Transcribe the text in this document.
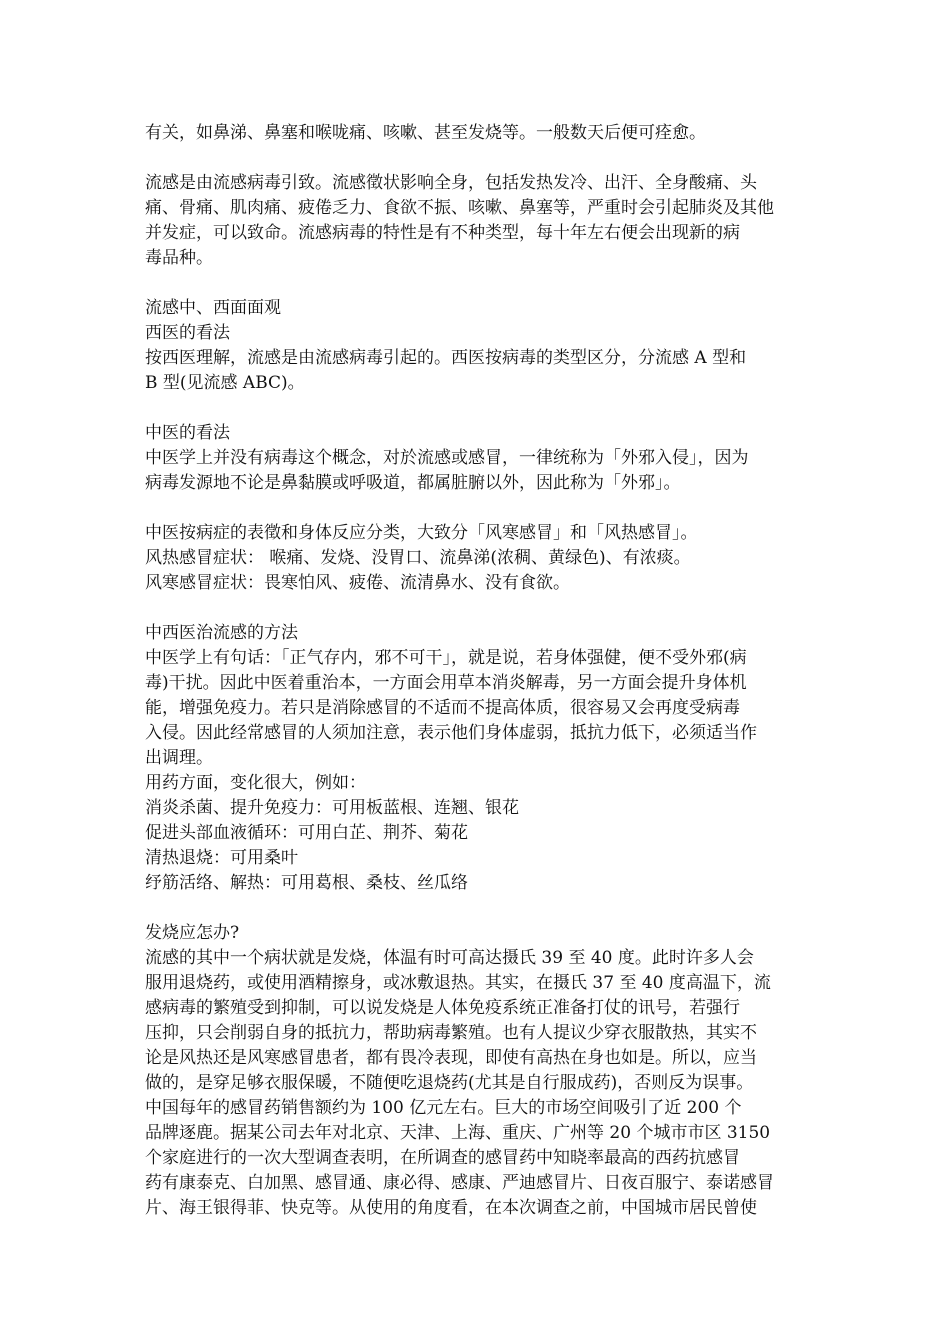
有关，如鼻涕、鼻塞和喉咙痛、咳嗽、甚至发烧等。一般数天后便可痊愈。
流感是由流感病毒引致。流感徵状影响全身，包括发热发冷、出汗、全身酸痛、头
痛、骨痛、肌肉痛、疲倦乏力、食欲不振、咳嗽、鼻塞等，严重时会引起肺炎及其他
并发症，可以致命。流感病毒的特性是有不种类型，每十年左右便会出现新的病
毒品种。
流感中、西面面观
西医的看法
按西医理解，流感是由流感病毒引起的。西医按病毒的类型区分，分流感 A 型和
B 型(见流感 ABC)。
中医的看法
中医学上并没有病毒这个概念，对於流感或感冒，一律统称为「外邪入侵」，因为
病毒发源地不论是鼻黏膜或呼吸道，都属脏腑以外，因此称为「外邪」。
中医按病症的表徵和身体反应分类，大致分「风寒感冒」和「风热感冒」。
风热感冒症状： 喉痛、发烧、没胃口、流鼻涕(浓稠、黄绿色)、有浓痰。
风寒感冒症状：畏寒怕风、疲倦、流清鼻水、没有食欲。
中西医治流感的方法
中医学上有句话：「正气存内，邪不可干」，就是说，若身体强健，便不受外邪(病
毒)干扰。因此中医着重治本，一方面会用草本消炎解毒，另一方面会提升身体机
能，增强免疫力。若只是消除感冒的不适而不提高体质，很容易又会再度受病毒
入侵。因此经常感冒的人须加注意，表示他们身体虚弱，抵抗力低下，必须适当作
出调理。
用药方面，变化很大，例如：
消炎杀菌、提升免疫力：可用板蓝根、连翘、银花
促进头部血液循环：可用白芷、荆芥、菊花
清热退烧：可用桑叶
纾筋活络、解热：可用葛根、桑枝、丝瓜络
发烧应怎办?
流感的其中一个病状就是发烧，体温有时可高达摄氏 39 至 40 度。此时许多人会
服用退烧药，或使用酒精擦身，或冰敷退热。其实，在摄氏 37 至 40 度高温下，流
感病毒的繁殖受到抑制，可以说发烧是人体免疫系统正准备打仗的讯号，若强行
压抑，只会削弱自身的抵抗力，帮助病毒繁殖。也有人提议少穿衣服散热，其实不
论是风热还是风寒感冒患者，都有畏冷表现，即使有高热在身也如是。所以，应当
做的，是穿足够衣服保暖，不随便吃退烧药(尤其是自行服成药)，否则反为误事。
中国每年的感冒药销售额约为 100 亿元左右。巨大的市场空间吸引了近 200 个
品牌逐鹿。据某公司去年对北京、天津、上海、重庆、广州等 20 个城市市区 3150
个家庭进行的一次大型调查表明，在所调查的感冒药中知晓率最高的西药抗感冒
药有康泰克、白加黑、感冒通、康必得、感康、严迪感冒片、日夜百服宁、泰诺感冒
片、海王银得菲、快克等。从使用的角度看，在本次调查之前，中国城市居民曾使
